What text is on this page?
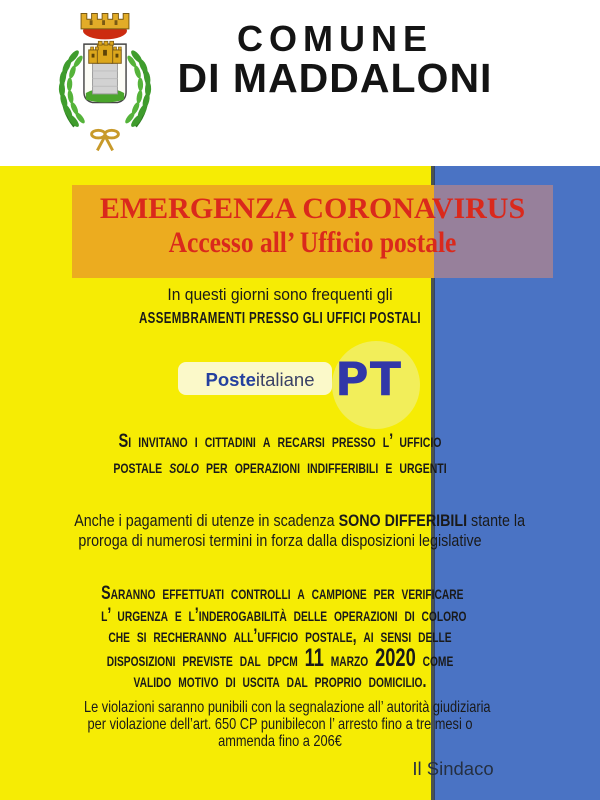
COMUNE
DI MADDALONI
EMERGENZA CORONAVIRUS
Accesso all’ Ufficio postale
In questi giorni sono frequenti gli
ASSEMBRAMENTI PRESSO GLI UFFICI POSTALI
Posteitaliane PT
Si invitano i cittadini a recarsi presso l’ ufficio
postale solo per operazioni indifferibili e urgenti
Anche i pagamenti di utenze in scadenza SONO DIFFERIBILI stante la
proroga di numerosi termini in forza dalla disposizioni legislative
Saranno effettuati controlli a campione per verificare
l’ urgenza e l’inderogabilità delle operazioni di coloro
che si recheranno all’ufficio postale, ai sensi delle
disposizioni previste dal dpcm 11 marzo 2020 come
valido motivo di uscita dal proprio domicilio.
Le violazioni saranno punibili con la segnalazione all’ autorità giudiziaria
per violazione dell’art. 650 CP punibilecon l’ arresto fino a tre mesi o
ammenda fino a 206€
Il Sindaco
